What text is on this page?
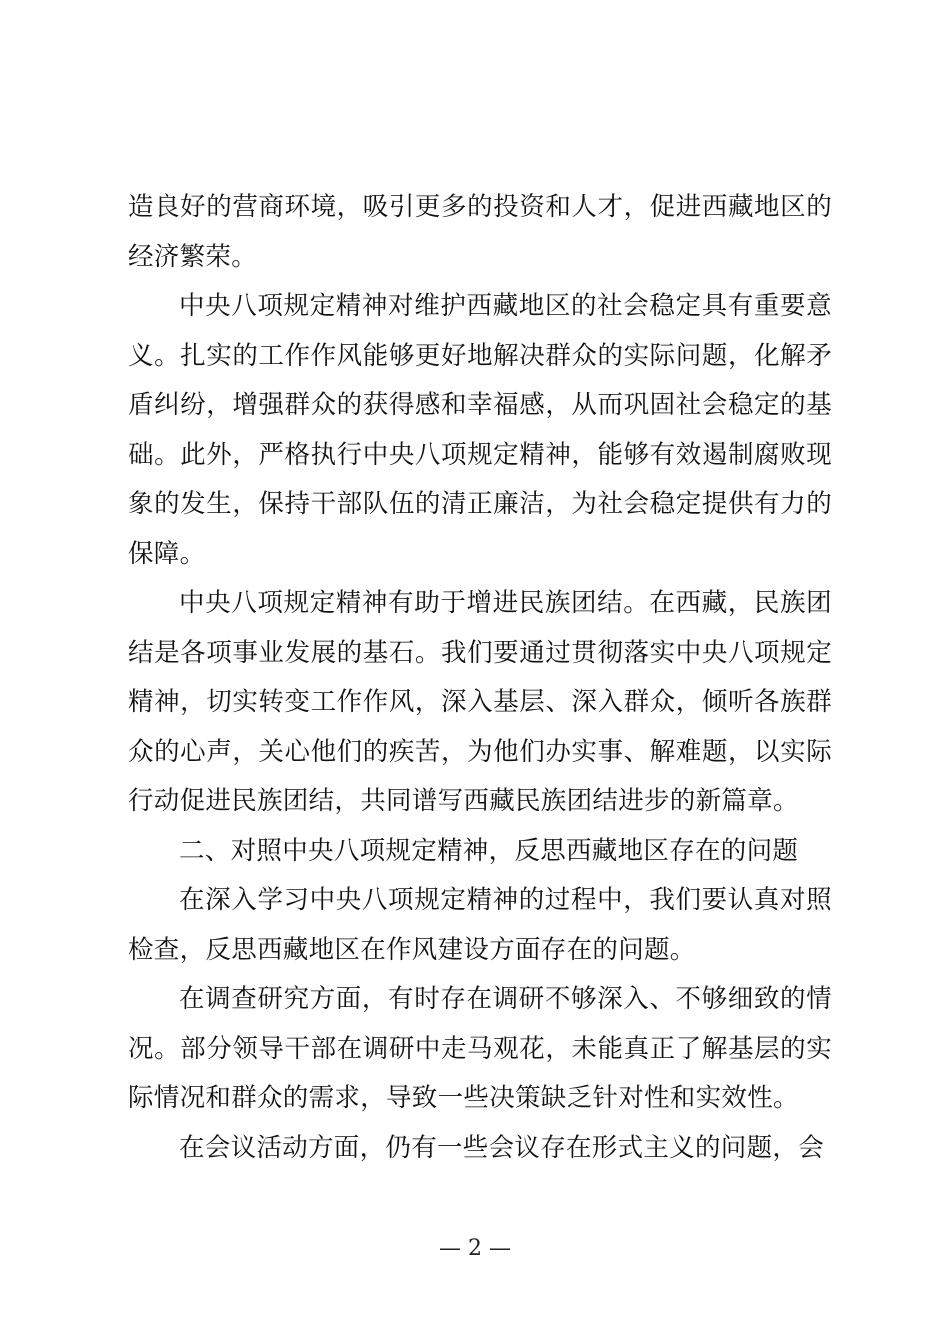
造良好的营商环境，吸引更多的投资和人才，促进西藏地区的经济繁荣。

中央八项规定精神对维护西藏地区的社会稳定具有重要意义。扎实的工作作风能够更好地解决群众的实际问题，化解矛盾纠纷，增强群众的获得感和幸福感，从而巩固社会稳定的基础。此外，严格执行中央八项规定精神，能够有效遏制腐败现象的发生，保持干部队伍的清正廉洁，为社会稳定提供有力的保障。

中央八项规定精神有助于增进民族团结。在西藏，民族团结是各项事业发展的基石。我们要通过贯彻落实中央八项规定精神，切实转变工作作风，深入基层、深入群众，倾听各族群众的心声，关心他们的疾苦，为他们办实事、解难题，以实际行动促进民族团结，共同谱写西藏民族团结进步的新篇章。

二、对照中央八项规定精神，反思西藏地区存在的问题

在深入学习中央八项规定精神的过程中，我们要认真对照检查，反思西藏地区在作风建设方面存在的问题。

在调查研究方面，有时存在调研不够深入、不够细致的情况。部分领导干部在调研中走马观花，未能真正了解基层的实际情况和群众的需求，导致一些决策缺乏针对性和实效性。

在会议活动方面，仍有一些会议存在形式主义的问题，会

— 2 —
